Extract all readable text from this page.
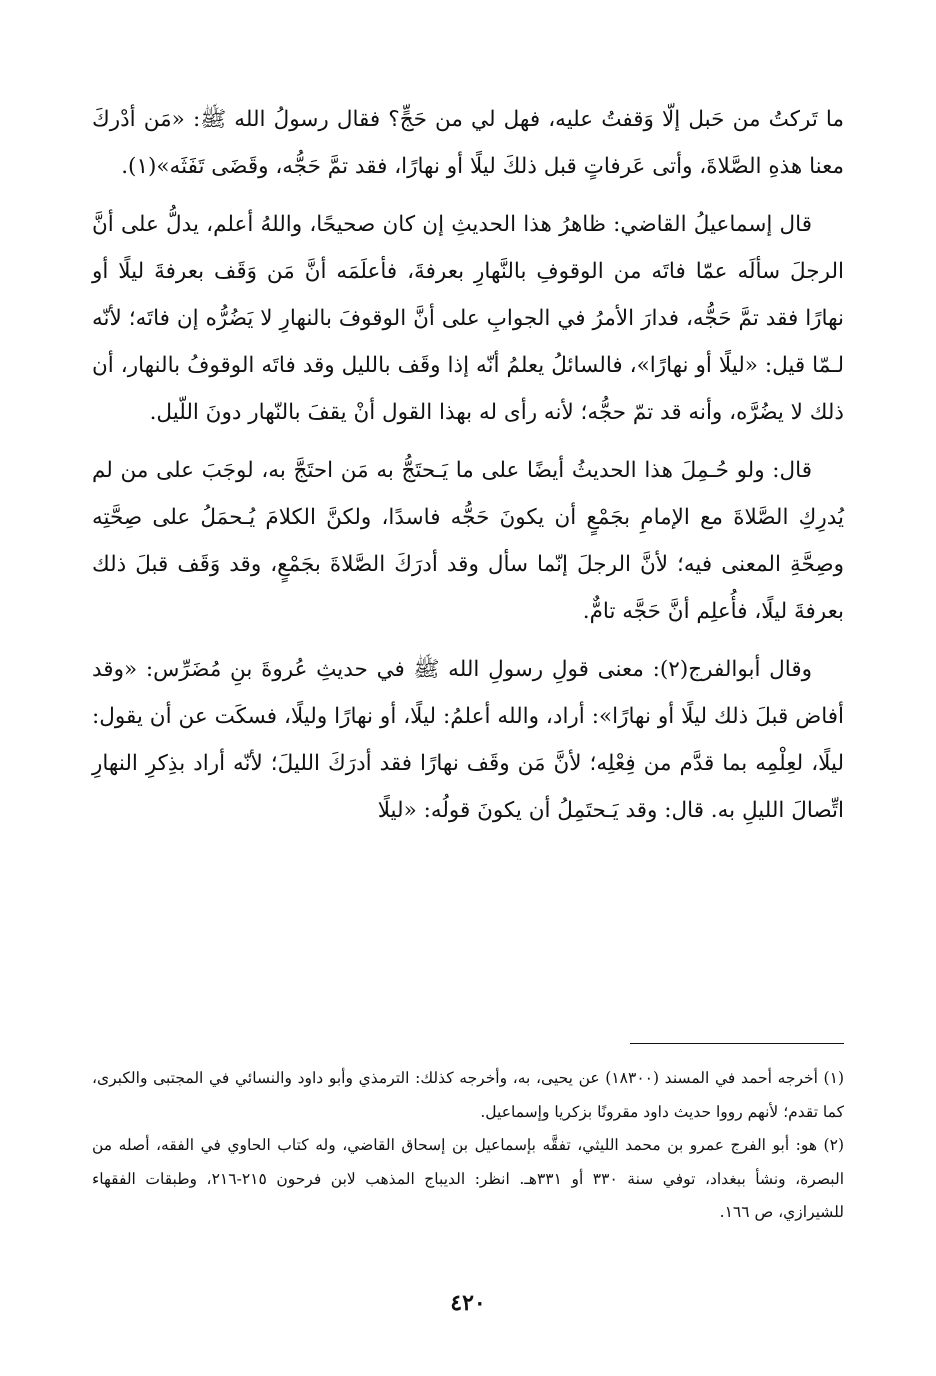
ما تَركتُ من حَبل إلّا وَقفتُ عليه، فهل لي من حَجٍّ؟ فقال رسولُ الله ﷺ: «مَن أدْركَ معنا هذهِ الصَّلاةَ، وأتى عَرفاتٍ قبل ذلكَ ليلًا أو نهارًا، فقد تمَّ حَجُّه، وقَضَى تَفَثَه»(١).

قال إسماعيلُ القاضي: ظاهرُ هذا الحديثِ إن كان صحيحًا، واللهُ أعلم، يدلُّ على أنَّ الرجلَ سألَه عمّا فاتَه من الوقوفِ بالنَّهارِ بعرفةَ، فأعلَمَه أنَّ مَن وَقَف بعرفةَ ليلًا أو نهارًا فقد تمَّ حَجُّه، فدارَ الأمرُ في الجوابِ على أنَّ الوقوفَ بالنهارِ لا يَضُرُّه إن فاتَه؛ لأنّه لـمّا قيل: «ليلًا أو نهارًا»، فالسائلُ يعلمُ أنّه إذا وقَف بالليل وقد فاتَه الوقوفُ بالنهار، أن ذلك لا يضُرَّه، وأنه قد تمّ حجُّه؛ لأنه رأى له بهذا القول أنْ يقفَ بالنّهار دونَ اللّيل.

قال: ولو حُـمِلَ هذا الحديثُ أيضًا على ما يَـحتَجُّ به مَن احتَجَّ به، لوجَبَ على من لم يُدرِكِ الصَّلاةَ مع الإمامِ بجَمْعٍ أن يكونَ حَجُّه فاسدًا، ولكنَّ الكلامَ يُـحمَلُ على صِحَّتِه وصِحَّةِ المعنى فيه؛ لأنَّ الرجلَ إنّما سأل وقد أدرَكَ الصَّلاةَ بجَمْعٍ، وقد وَقَف قبلَ ذلك بعرفةَ ليلًا، فأُعلِم أنَّ حَجَّه تامٌّ.

وقال أبوالفرج(٢): معنى قولِ رسولِ الله ﷺ في حديثِ عُروةَ بنِ مُضَرِّس: «وقد أفاض قبلَ ذلك ليلًا أو نهارًا»: أراد، والله أعلمُ: ليلًا، أو نهارًا وليلًا، فسكَت عن أن يقول: ليلًا، لعِلْمِه بما قدَّم من فِعْلِه؛ لأنَّ مَن وقَف نهارًا فقد أدرَكَ الليلَ؛ لأنّه أراد بذِكرِ النهارِ اتِّصالَ الليلِ به. قال: وقد يَـحتَمِلُ أن يكونَ قولُه: «ليلًا

(١) أخرجه أحمد في المسند (١٨٣٠٠) عن يحيى، به، وأخرجه كذلك: الترمذي وأبو داود والنسائي في المجتبى والكبرى، كما تقدم؛ لأنهم رووا حديث داود مقرونًا بزكريا وإسماعيل.

(٢) هو: أبو الفرج عمرو بن محمد الليثي، تفقَّه بإسماعيل بن إسحاق القاضي، وله كتاب الحاوي في الفقه، أصله من البصرة، ونشأ ببغداد، توفي سنة ٣٣٠ أو ٣٣١هـ. انظر: الديباج المذهب لابن فرحون ٢١٥-٢١٦، وطبقات الفقهاء للشيرازي، ص ١٦٦.

٤٢٠
